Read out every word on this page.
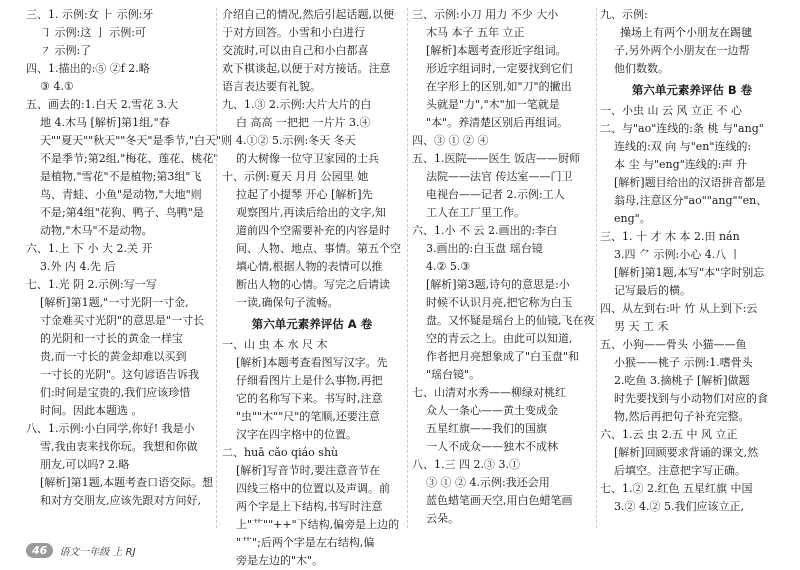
三、1. 示例:女 ⺊ 示例:牙
㇆ 示例:这 亅 示例:可
㇇ 示例:了
四、1.描出的:⑤ ②f 2.略
③ 4.①
五、画去的:1.白天 2.雪花 3.大
地 4.木马 [解析]第1组,"春
天""夏天""秋天""冬天"是季节,"白天"则
不是季节;第2组,"梅花、莲花、桃花"
是植物,"雪花"不是植物;第3组"飞
鸟、青蛙、小鱼"是动物,"大地"则
不是;第4组"花狗、鸭子、鸟鸭"是
动物,"木马"不是动物。
六、1.上 下 小 大 2.关 开
3.外 内 4.先 后
七、1.光 阴 2.示例:写一写
[解析]第1题,"一寸光阴一寸金,
寸金难买寸光阴"的意思是"一寸长
的光阴和一寸长的黄金一样宝
贵,而一寸长的黄金却难以买到
一寸长的光阴"。这句谚语告诉我
们:时间是宝贵的,我们应该珍惜
时间。因此本题选 。
八、1.示例:小白同学,你好! 我是小
雪,我由衷来找你玩。我想和你做
朋友,可以吗? 2.略
[解析]第1题,本题考查口语交际。想
和对方交朋友,应该先跟对方问好,
介绍自己的情况,然后引起话题,以便
于对方回答。小雪和小白进行
交流时,可以由自己和小白都喜
欢下棋谈起,以便于对方接话。注意
语言表达要有礼貌。
九、1.③ 2.示例:大片大片的白
白 高高 一把把 一片片 3.④
4.①② 5.示例:冬天 冬天
的大树像一位守卫家园的士兵
十、示例:夏天 月月 公园里 她
拉起了小提琴 开心 [解析]先
观察图片,再读后给出的文字,知
道前四个空需要补充的内容是时
间、人物、地点、事情。第五个空
填心情,根据人物的表情可以推
断出人物的心情。写完之后请读
一读,确保句子流畅。
第六单元素养评估 A 卷
一、山 虫 本 水 尺 木
[解析]本题考查看图写汉字。先
仔细看图片上是什么事物,再把
它的名称写下来。书写时,注意
"虫""木""尺"的笔顺,还要注意
汉字在四字格中的位置。
二、huā cǎo qiáo shù
[解析]写音节时,要注意音节在
四线三格中的位置以及声调。前
两个字是上下结构,书写时注意
上"艹""++"下结构,偏旁是上边的
"艹";后两个字是左右结构,偏
旁是左边的"木"。
三、示例:小刀 用力 不少 大小
木马 本子 五年 立正
[解析]本题考查形近字组词。
形近字组词时,一定要找到它们
在字形上的区别,如"刀"的撇出
头就是"力","木"加一笔就是
"本"。养清楚区别后再组词。
四、③ ① ② ④
五、1.医院——医生 饭店——厨师
法院——法官 传达室——门卫
电视台——记者 2.示例:工人
工人在工厂里工作。
六、1.小 不 云 2.画出的:李白
3.画出的:白玉盘 瑶台镜
4.② 5.③
[解析]第3题,诗句的意思是:小
时候不认识月亮,把它称为白玉
盘。又怀疑是瑶台上的仙镜,飞在夜
空的青云之上。由此可以知道,
作者把月亮想象成了"白玉盘"和
"瑶台镜"。
七、山清对水秀——柳绿对桃红
众人一条心——黄土变成金
五星红旗——我们的国旗
一人不成众——独木不成林
八、1.三 四 2.③ 3.①
③ ① ② 4.示例:我还会用
蓝色蜡笔画天空,用白色蜡笔画
云朵。
九、示例:
操场上有两个小朋友在踢毽
子,另外两个小朋友在一边帮
他们数数。
第六单元素养评估 B 卷
一、小虫 山 云 风 立正 不 心
二、与"ao"连线的:条 桃 与"ang"
连线的:双 向 与"en"连线的:
本 尘 与"eng"连线的:声 升
[解析]题目给出的汉语拼音都是
翁母,注意区分"ao""ang""en、
eng"。
三、1. 十 才 木 本 2.田 nán
3.四 ⺈ 示例:小心 4.八 丨
[解析]第1题,本写"本"字时别忘
记写最后的横。
四、从左到右:叶 竹 从上到下:云
男 天 工 禾
五、小狗——骨头 小猫——鱼
小猴——桃子 示例:1.嗜骨头
2.吃鱼 3.摘桃子 [解析]做题
时先要找到与小动物们对应的食
物,然后再把句子补充完整。
六、1.云 虫 2.五 中 风 立正
[解析]回顾要求背诵的课文,然
后填空。注意把字写正确。
七、1.② 2.红色 五星红旗 中国
3.② 4.② 5.我们应该立正,
46	语文一年级 上 RJ
